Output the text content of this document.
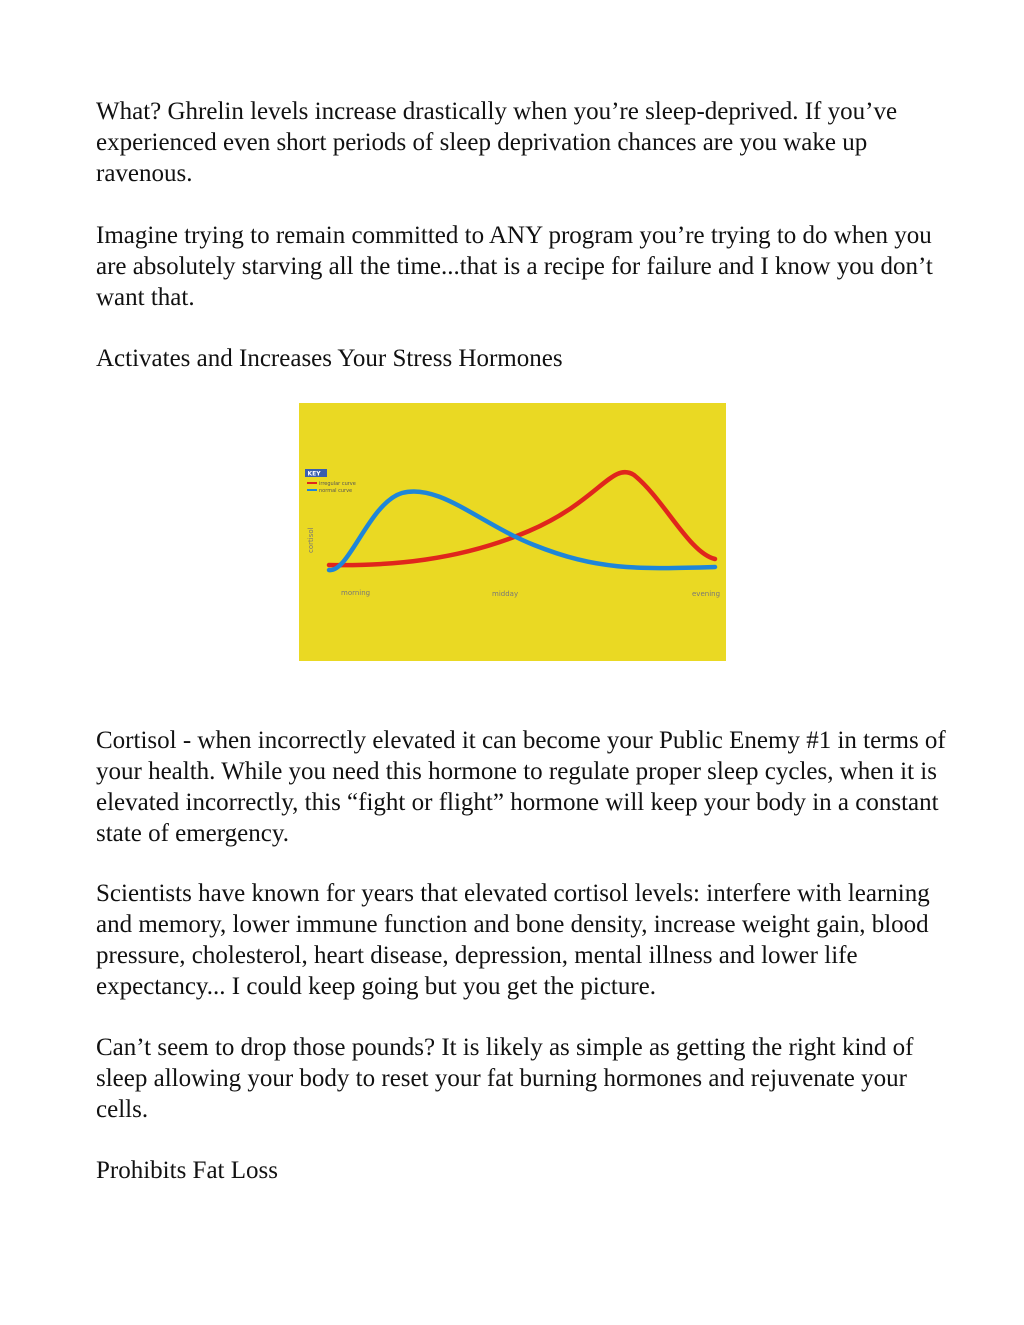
What? Ghrelin levels increase drastically when you’re sleep-deprived. If you’ve experienced even short periods of sleep deprivation chances are you wake up ravenous.

Imagine trying to remain committed to ANY program you’re trying to do when you are absolutely starving all the time...that is a recipe for failure and I know you don’t want that.

Activates and Increases Your Stress Hormones

KEY
irregular curve
normal curve
cortisol
morning	midday	evening

Cortisol - when incorrectly elevated it can become your Public Enemy #1 in terms of your health. While you need this hormone to regulate proper sleep cycles, when it is elevated incorrectly, this “fight or flight” hormone will keep your body in a constant state of emergency.

Scientists have known for years that elevated cortisol levels: interfere with learning and memory, lower immune function and bone density, increase weight gain, blood pressure, cholesterol, heart disease, depression, mental illness and lower life expectancy... I could keep going but you get the picture.

Can’t seem to drop those pounds? It is likely as simple as getting the right kind of sleep allowing your body to reset your fat burning hormones and rejuvenate your cells.

Prohibits Fat Loss
